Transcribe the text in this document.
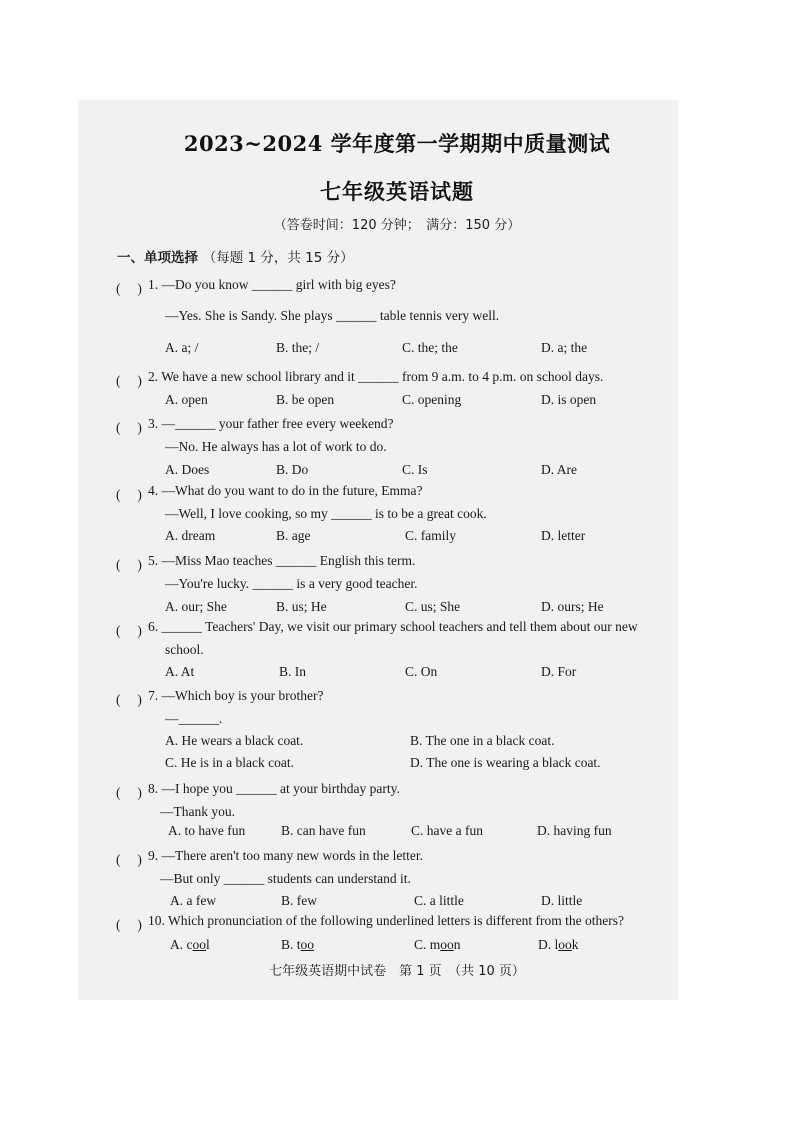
2023~2024 学年度第一学期期中质量测试
七年级英语试题
（答卷时间：120 分钟；　满分：150 分）
一、单项选择 （每题 1 分，共 15 分）
(　 ) 1. —Do you know ______ girl with big eyes?
—Yes. She is Sandy. She plays ______ table tennis very well.
A. a; /	B. the; /	C. the; the	D. a; the
(　 ) 2. We have a new school library and it ______ from 9 a.m. to 4 p.m. on school days.
A. open	B. be open	C. opening	D. is open
(　 ) 3. —______ your father free every weekend?
—No. He always has a lot of work to do.
A. Does	B. Do	C. Is	D. Are
(　 ) 4. —What do you want to do in the future, Emma?
—Well, I love cooking, so my ______ is to be a great cook.
A. dream	B. age	C. family	D. letter
(　 ) 5. —Miss Mao teaches ______ English this term.
—You're lucky. ______ is a very good teacher.
A. our; She	B. us; He	C. us; She	D. ours; He
(　 ) 6. ______ Teachers' Day, we visit our primary school teachers and tell them about our new
school.
A. At	B. In	C. On	D. For
(　 ) 7. —Which boy is your brother?
—______.
A. He wears a black coat.	B. The one in a black coat.
C. He is in a black coat.	D. The one is wearing a black coat.
(　 ) 8. —I hope you ______ at your birthday party.
—Thank you.
A. to have fun	B. can have fun	C. have a fun	D. having fun
(　 ) 9. —There aren't too many new words in the letter.
—But only ______ students can understand it.
A. a few	B. few	C. a little	D. little
(　 ) 10. Which pronunciation of the following underlined letters is different from the others?
A. cool	B. too	C. moon	D. look
七年级英语期中试卷　第 1 页　（共 10 页）
